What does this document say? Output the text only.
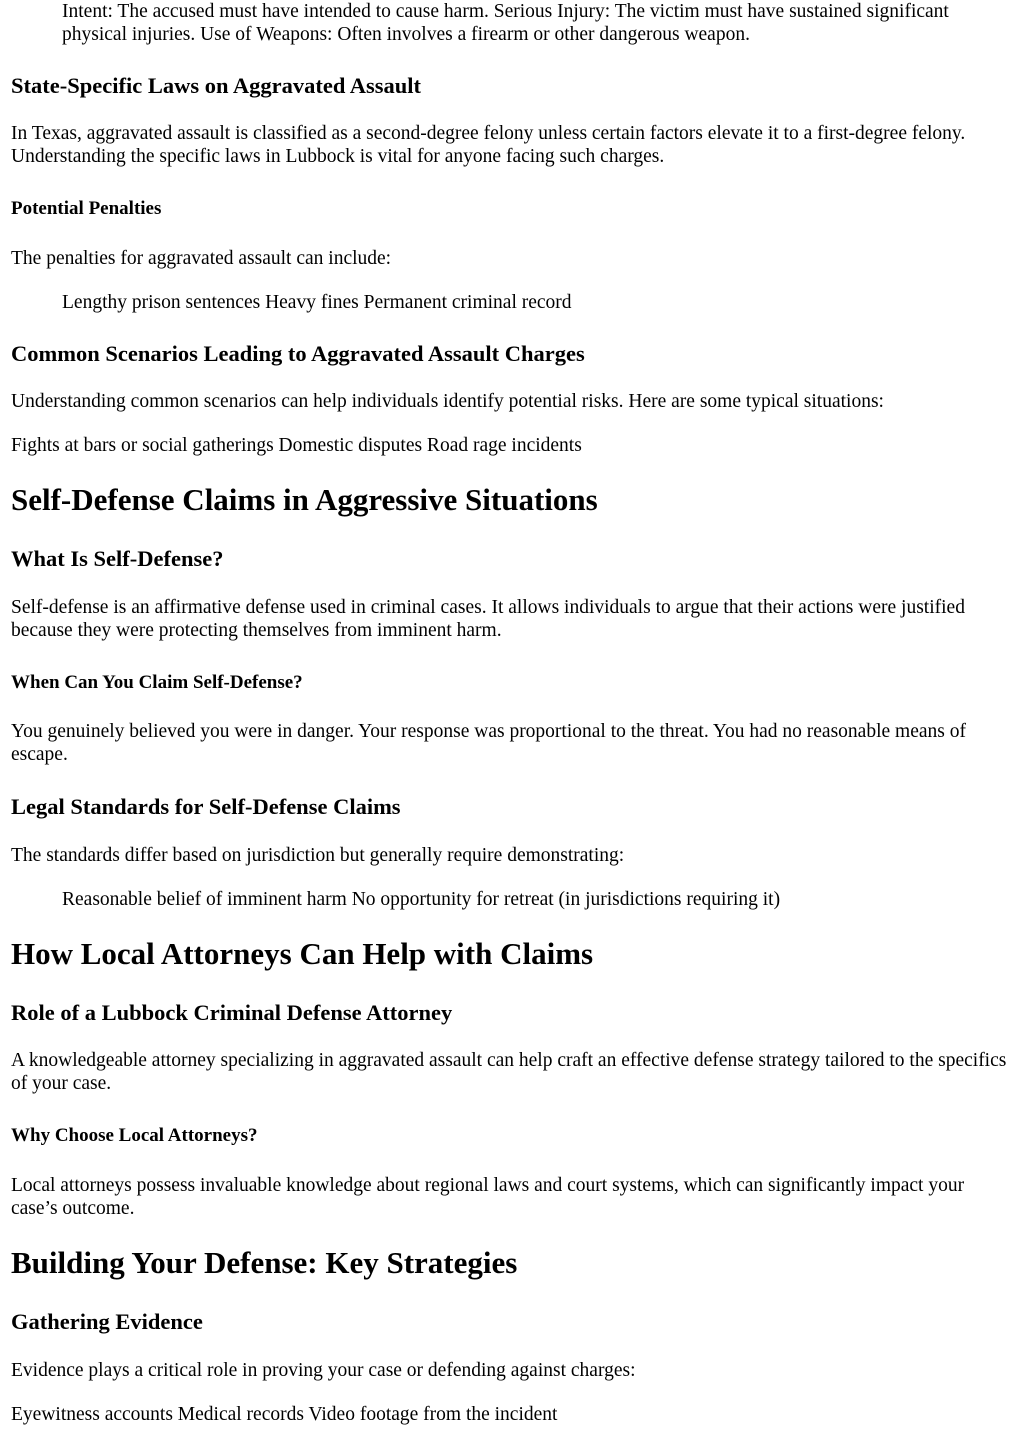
Intent: The accused must have intended to cause harm. Serious Injury: The victim must have sustained significant physical injuries. Use of Weapons: Often involves a firearm or other dangerous weapon.

State-Specific Laws on Aggravated Assault

In Texas, aggravated assault is classified as a second-degree felony unless certain factors elevate it to a first-degree felony. Understanding the specific laws in Lubbock is vital for anyone facing such charges.

Potential Penalties

The penalties for aggravated assault can include:

Lengthy prison sentences Heavy fines Permanent criminal record

Common Scenarios Leading to Aggravated Assault Charges

Understanding common scenarios can help individuals identify potential risks. Here are some typical situations:

Fights at bars or social gatherings Domestic disputes Road rage incidents

Self-Defense Claims in Aggressive Situations
What Is Self-Defense?

Self-defense is an affirmative defense used in criminal cases. It allows individuals to argue that their actions were justified because they were protecting themselves from imminent harm.

When Can You Claim Self-Defense?

You genuinely believed you were in danger. Your response was proportional to the threat. You had no reasonable means of escape.

Legal Standards for Self-Defense Claims

The standards differ based on jurisdiction but generally require demonstrating:

Reasonable belief of imminent harm No opportunity for retreat (in jurisdictions requiring it)

How Local Attorneys Can Help with Claims
Role of a Lubbock Criminal Defense Attorney

A knowledgeable attorney specializing in aggravated assault can help craft an effective defense strategy tailored to the specifics of your case.

Why Choose Local Attorneys?

Local attorneys possess invaluable knowledge about regional laws and court systems, which can significantly impact your case’s outcome.

Building Your Defense: Key Strategies
Gathering Evidence

Evidence plays a critical role in proving your case or defending against charges:

Eyewitness accounts Medical records Video footage from the incident
